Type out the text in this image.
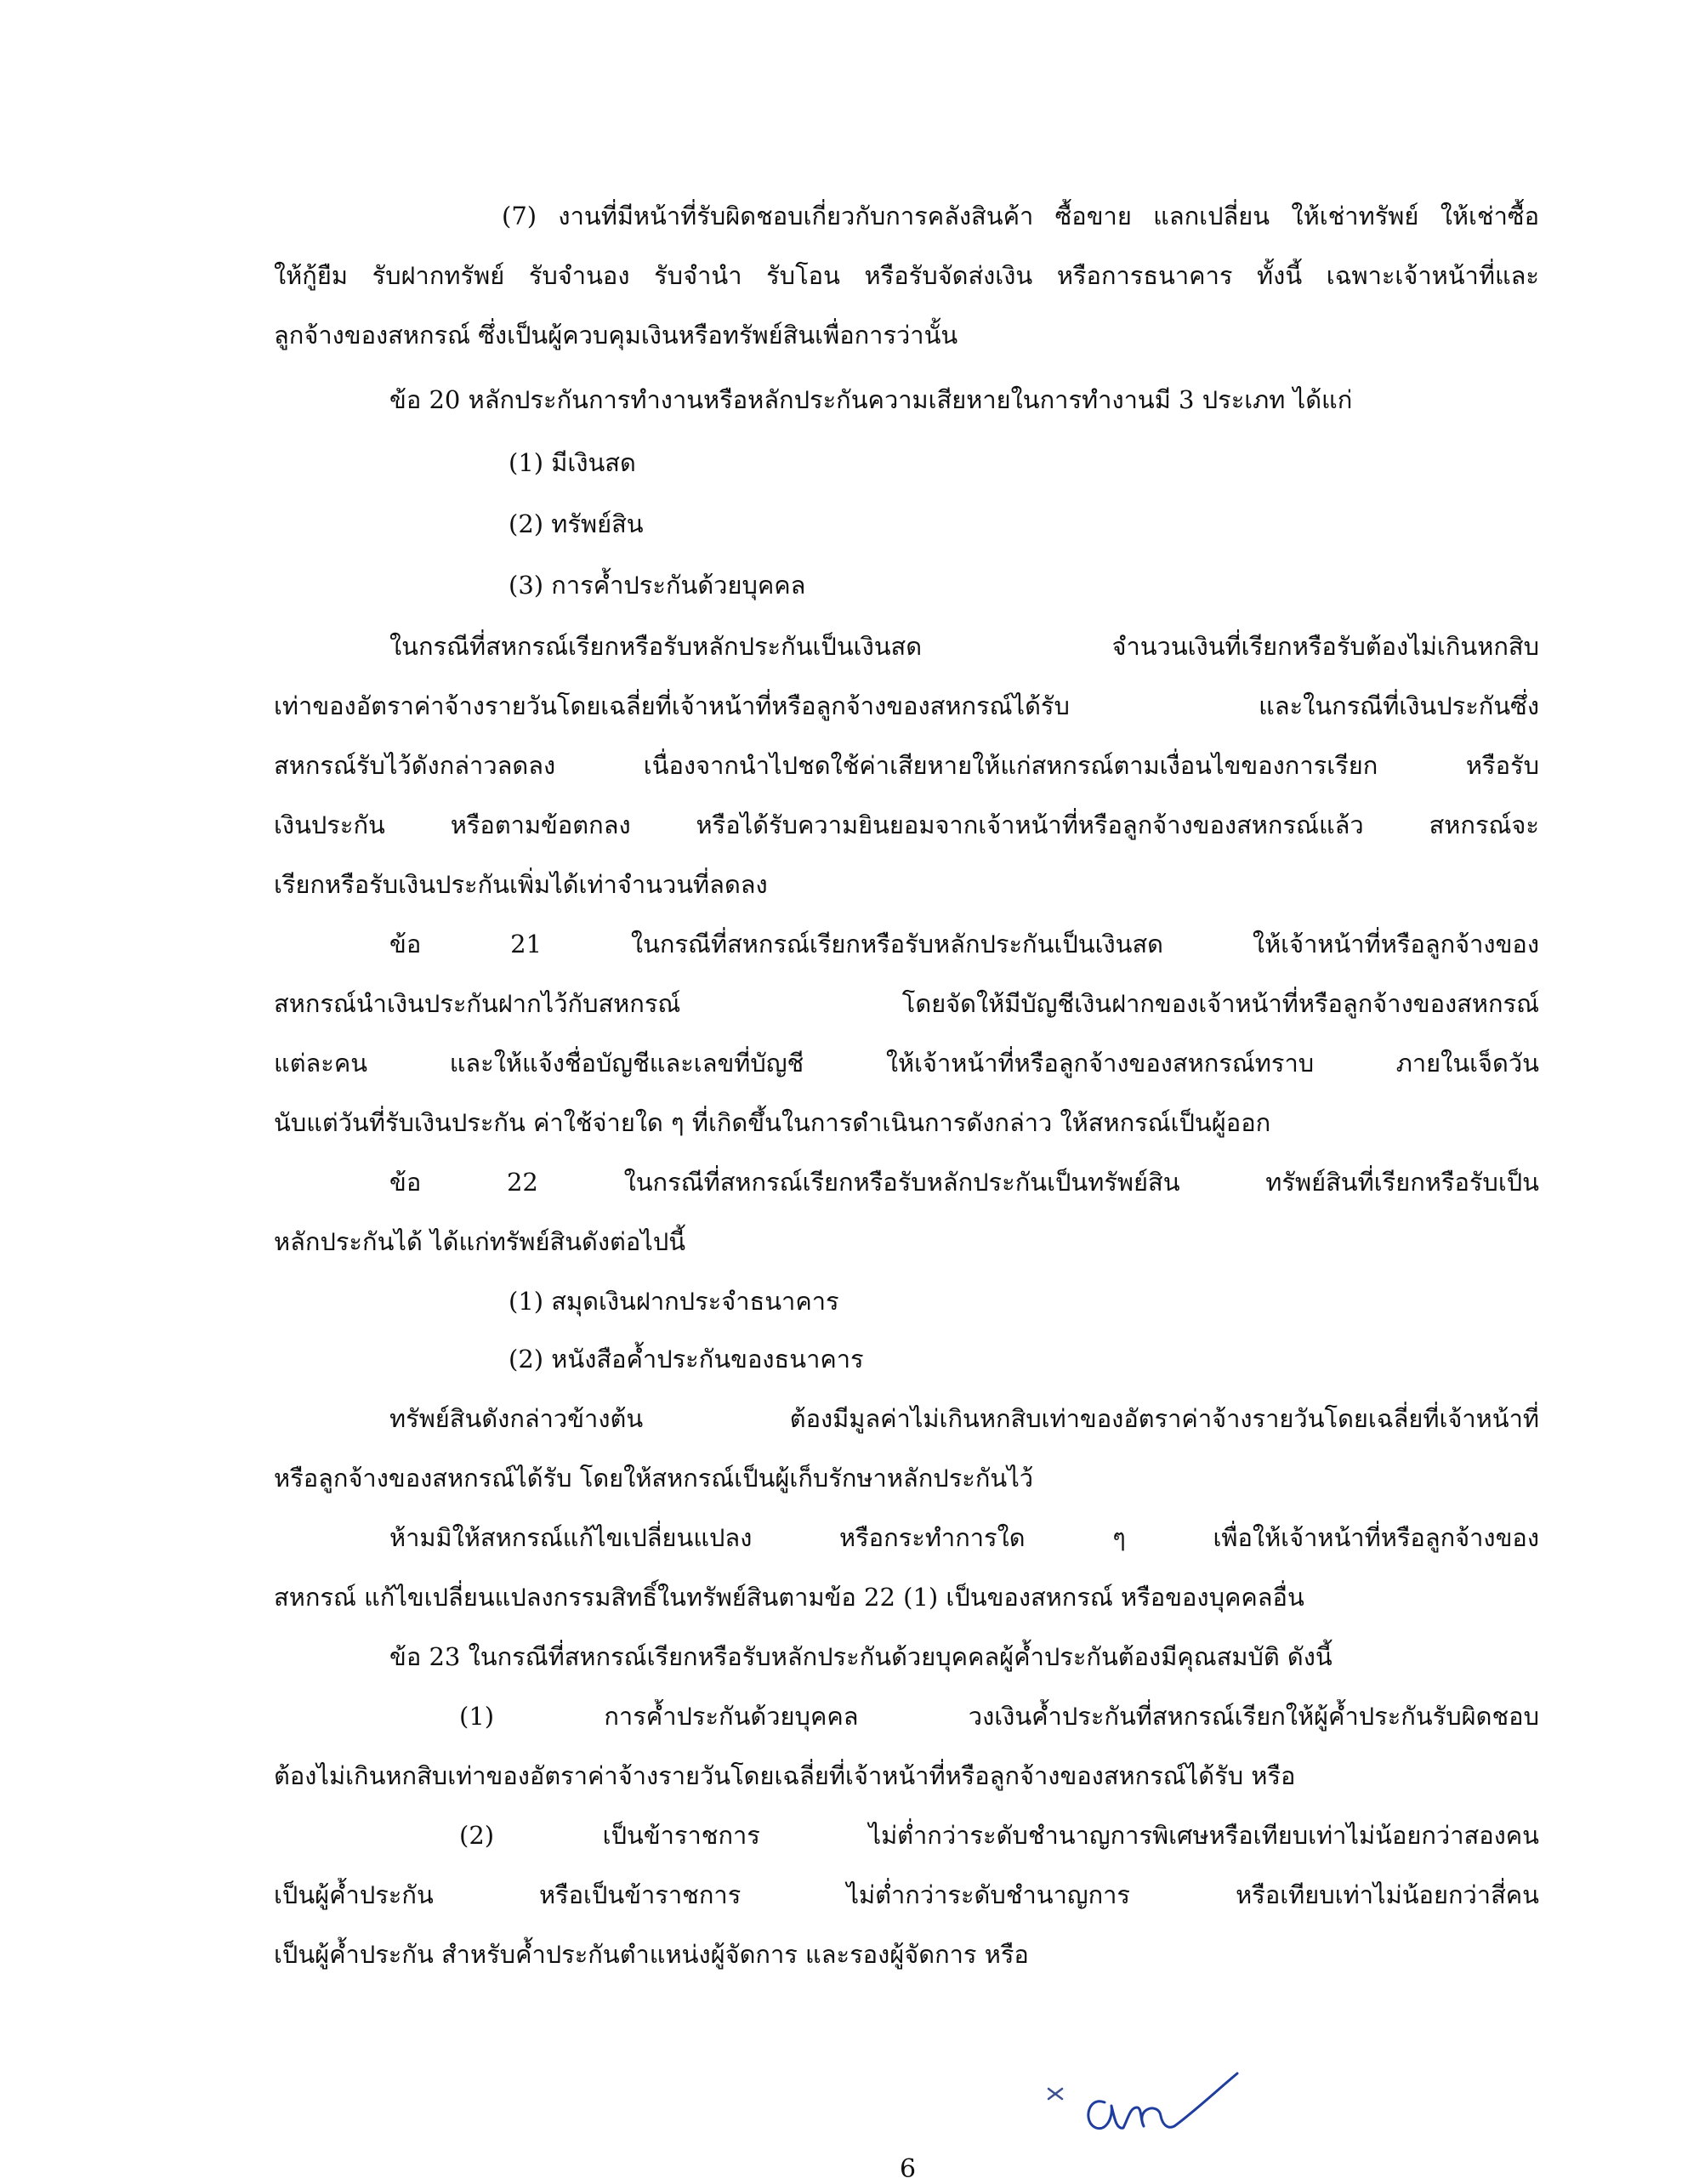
(7) งานที่มีหน้าที่รับผิดชอบเกี่ยวกับการคลังสินค้า ซื้อขาย แลกเปลี่ยน ให้เช่าทรัพย์ ให้เช่าซื้อ
ให้กู้ยืม รับฝากทรัพย์ รับจำนอง รับจำนำ รับโอน หรือรับจัดส่งเงิน หรือการธนาคาร ทั้งนี้ เฉพาะเจ้าหน้าที่และ
ลูกจ้างของสหกรณ์ ซึ่งเป็นผู้ควบคุมเงินหรือทรัพย์สินเพื่อการว่านั้น
ข้อ 20 หลักประกันการทำงานหรือหลักประกันความเสียหายในการทำงานมี 3 ประเภท ได้แก่
(1) มีเงินสด
(2) ทรัพย์สิน
(3) การค้ำประกันด้วยบุคคล
ในกรณีที่สหกรณ์เรียกหรือรับหลักประกันเป็นเงินสด จำนวนเงินที่เรียกหรือรับต้องไม่เกินหกสิบ
เท่าของอัตราค่าจ้างรายวันโดยเฉลี่ยที่เจ้าหน้าที่หรือลูกจ้างของสหกรณ์ได้รับ และในกรณีที่เงินประกันซึ่ง
สหกรณ์รับไว้ดังกล่าวลดลง เนื่องจากนำไปชดใช้ค่าเสียหายให้แก่สหกรณ์ตามเงื่อนไขของการเรียก หรือรับ
เงินประกัน หรือตามข้อตกลง หรือได้รับความยินยอมจากเจ้าหน้าที่หรือลูกจ้างของสหกรณ์แล้ว สหกรณ์จะ
เรียกหรือรับเงินประกันเพิ่มได้เท่าจำนวนที่ลดลง
ข้อ 21 ในกรณีที่สหกรณ์เรียกหรือรับหลักประกันเป็นเงินสด ให้เจ้าหน้าที่หรือลูกจ้างของ
สหกรณ์นำเงินประกันฝากไว้กับสหกรณ์ โดยจัดให้มีบัญชีเงินฝากของเจ้าหน้าที่หรือลูกจ้างของสหกรณ์
แต่ละคน และให้แจ้งชื่อบัญชีและเลขที่บัญชี ให้เจ้าหน้าที่หรือลูกจ้างของสหกรณ์ทราบ ภายในเจ็ดวัน
นับแต่วันที่รับเงินประกัน ค่าใช้จ่ายใด ๆ ที่เกิดขึ้นในการดำเนินการดังกล่าว ให้สหกรณ์เป็นผู้ออก
ข้อ 22 ในกรณีที่สหกรณ์เรียกหรือรับหลักประกันเป็นทรัพย์สิน ทรัพย์สินที่เรียกหรือรับเป็น
หลักประกันได้ ได้แก่ทรัพย์สินดังต่อไปนี้
(1) สมุดเงินฝากประจำธนาคาร
(2) หนังสือค้ำประกันของธนาคาร
ทรัพย์สินดังกล่าวข้างต้น ต้องมีมูลค่าไม่เกินหกสิบเท่าของอัตราค่าจ้างรายวันโดยเฉลี่ยที่เจ้าหน้าที่
หรือลูกจ้างของสหกรณ์ได้รับ โดยให้สหกรณ์เป็นผู้เก็บรักษาหลักประกันไว้
ห้ามมิให้สหกรณ์แก้ไขเปลี่ยนแปลง หรือกระทำการใด ๆ เพื่อให้เจ้าหน้าที่หรือลูกจ้างของ
สหกรณ์ แก้ไขเปลี่ยนแปลงกรรมสิทธิ์ในทรัพย์สินตามข้อ 22 (1) เป็นของสหกรณ์ หรือของบุคคลอื่น
ข้อ 23 ในกรณีที่สหกรณ์เรียกหรือรับหลักประกันด้วยบุคคลผู้ค้ำประกันต้องมีคุณสมบัติ ดังนี้
(1) การค้ำประกันด้วยบุคคล วงเงินค้ำประกันที่สหกรณ์เรียกให้ผู้ค้ำประกันรับผิดชอบ
ต้องไม่เกินหกสิบเท่าของอัตราค่าจ้างรายวันโดยเฉลี่ยที่เจ้าหน้าที่หรือลูกจ้างของสหกรณ์ได้รับ หรือ
(2) เป็นข้าราชการ ไม่ต่ำกว่าระดับชำนาญการพิเศษหรือเทียบเท่าไม่น้อยกว่าสองคน
เป็นผู้ค้ำประกัน หรือเป็นข้าราชการ ไม่ต่ำกว่าระดับชำนาญการ หรือเทียบเท่าไม่น้อยกว่าสี่คน
เป็นผู้ค้ำประกัน สำหรับค้ำประกันตำแหน่งผู้จัดการ และรองผู้จัดการ หรือ
6
